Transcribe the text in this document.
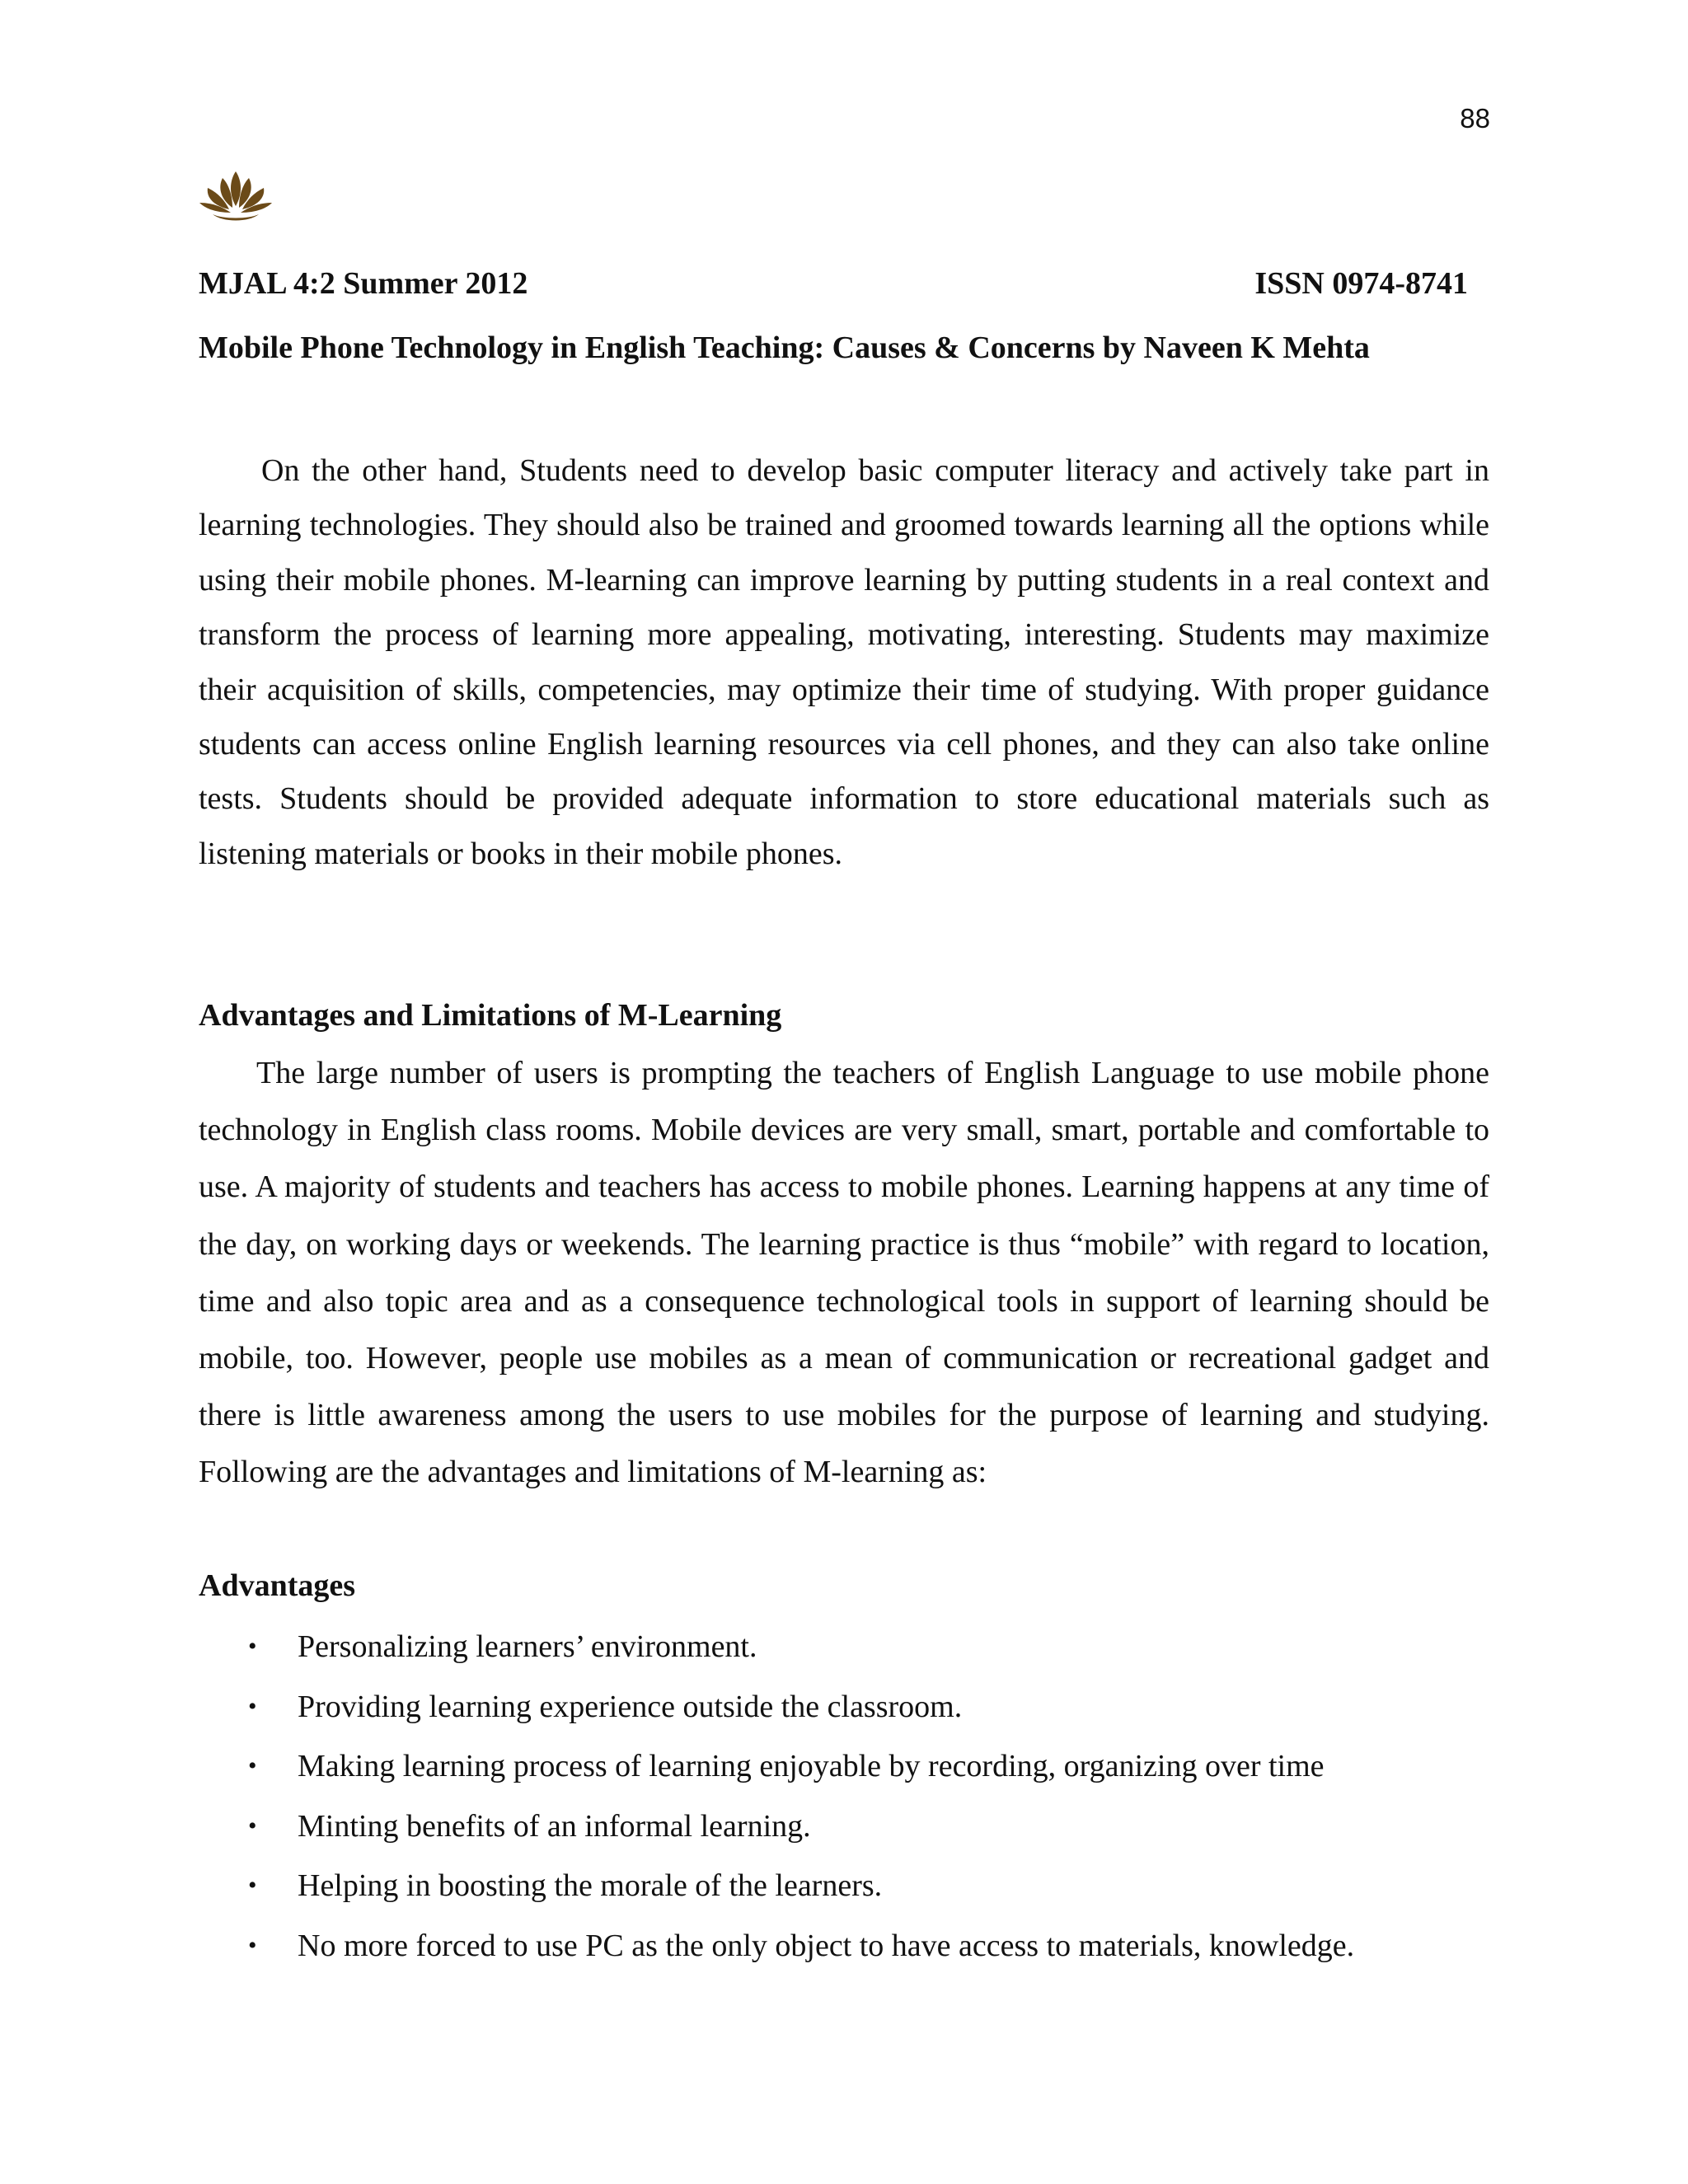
88
MJAL 4:2 Summer 2012	ISSN 0974-8741
Mobile Phone Technology in English Teaching: Causes & Concerns by Naveen K Mehta

On the other hand, Students need to develop basic computer literacy and actively take part in learning technologies. They should also be trained and groomed towards learning all the options while using their mobile phones. M-learning can improve learning by putting students in a real context and transform the process of learning more appealing, motivating, interesting. Students may maximize their acquisition of skills, competencies, may optimize their time of studying. With proper guidance students can access online English learning resources via cell phones, and they can also take online tests. Students should be provided adequate information to store educational materials such as listening materials or books in their mobile phones.

Advantages and Limitations of M-Learning

The large number of users is prompting the teachers of English Language to use mobile phone technology in English class rooms. Mobile devices are very small, smart, portable and comfortable to use. A majority of students and teachers has access to mobile phones. Learning happens at any time of the day, on working days or weekends. The learning practice is thus “mobile” with regard to location, time and also topic area and as a consequence technological tools in support of learning should be mobile, too. However, people use mobiles as a mean of communication or recreational gadget and there is little awareness among the users to use mobiles for the purpose of learning and studying. Following are the advantages and limitations of M-learning as:

Advantages
• Personalizing learners’ environment.
• Providing learning experience outside the classroom.
• Making learning process of learning enjoyable by recording, organizing over time
• Minting benefits of an informal learning.
• Helping in boosting the morale of the learners.
• No more forced to use PC as the only object to have access to materials, knowledge.
